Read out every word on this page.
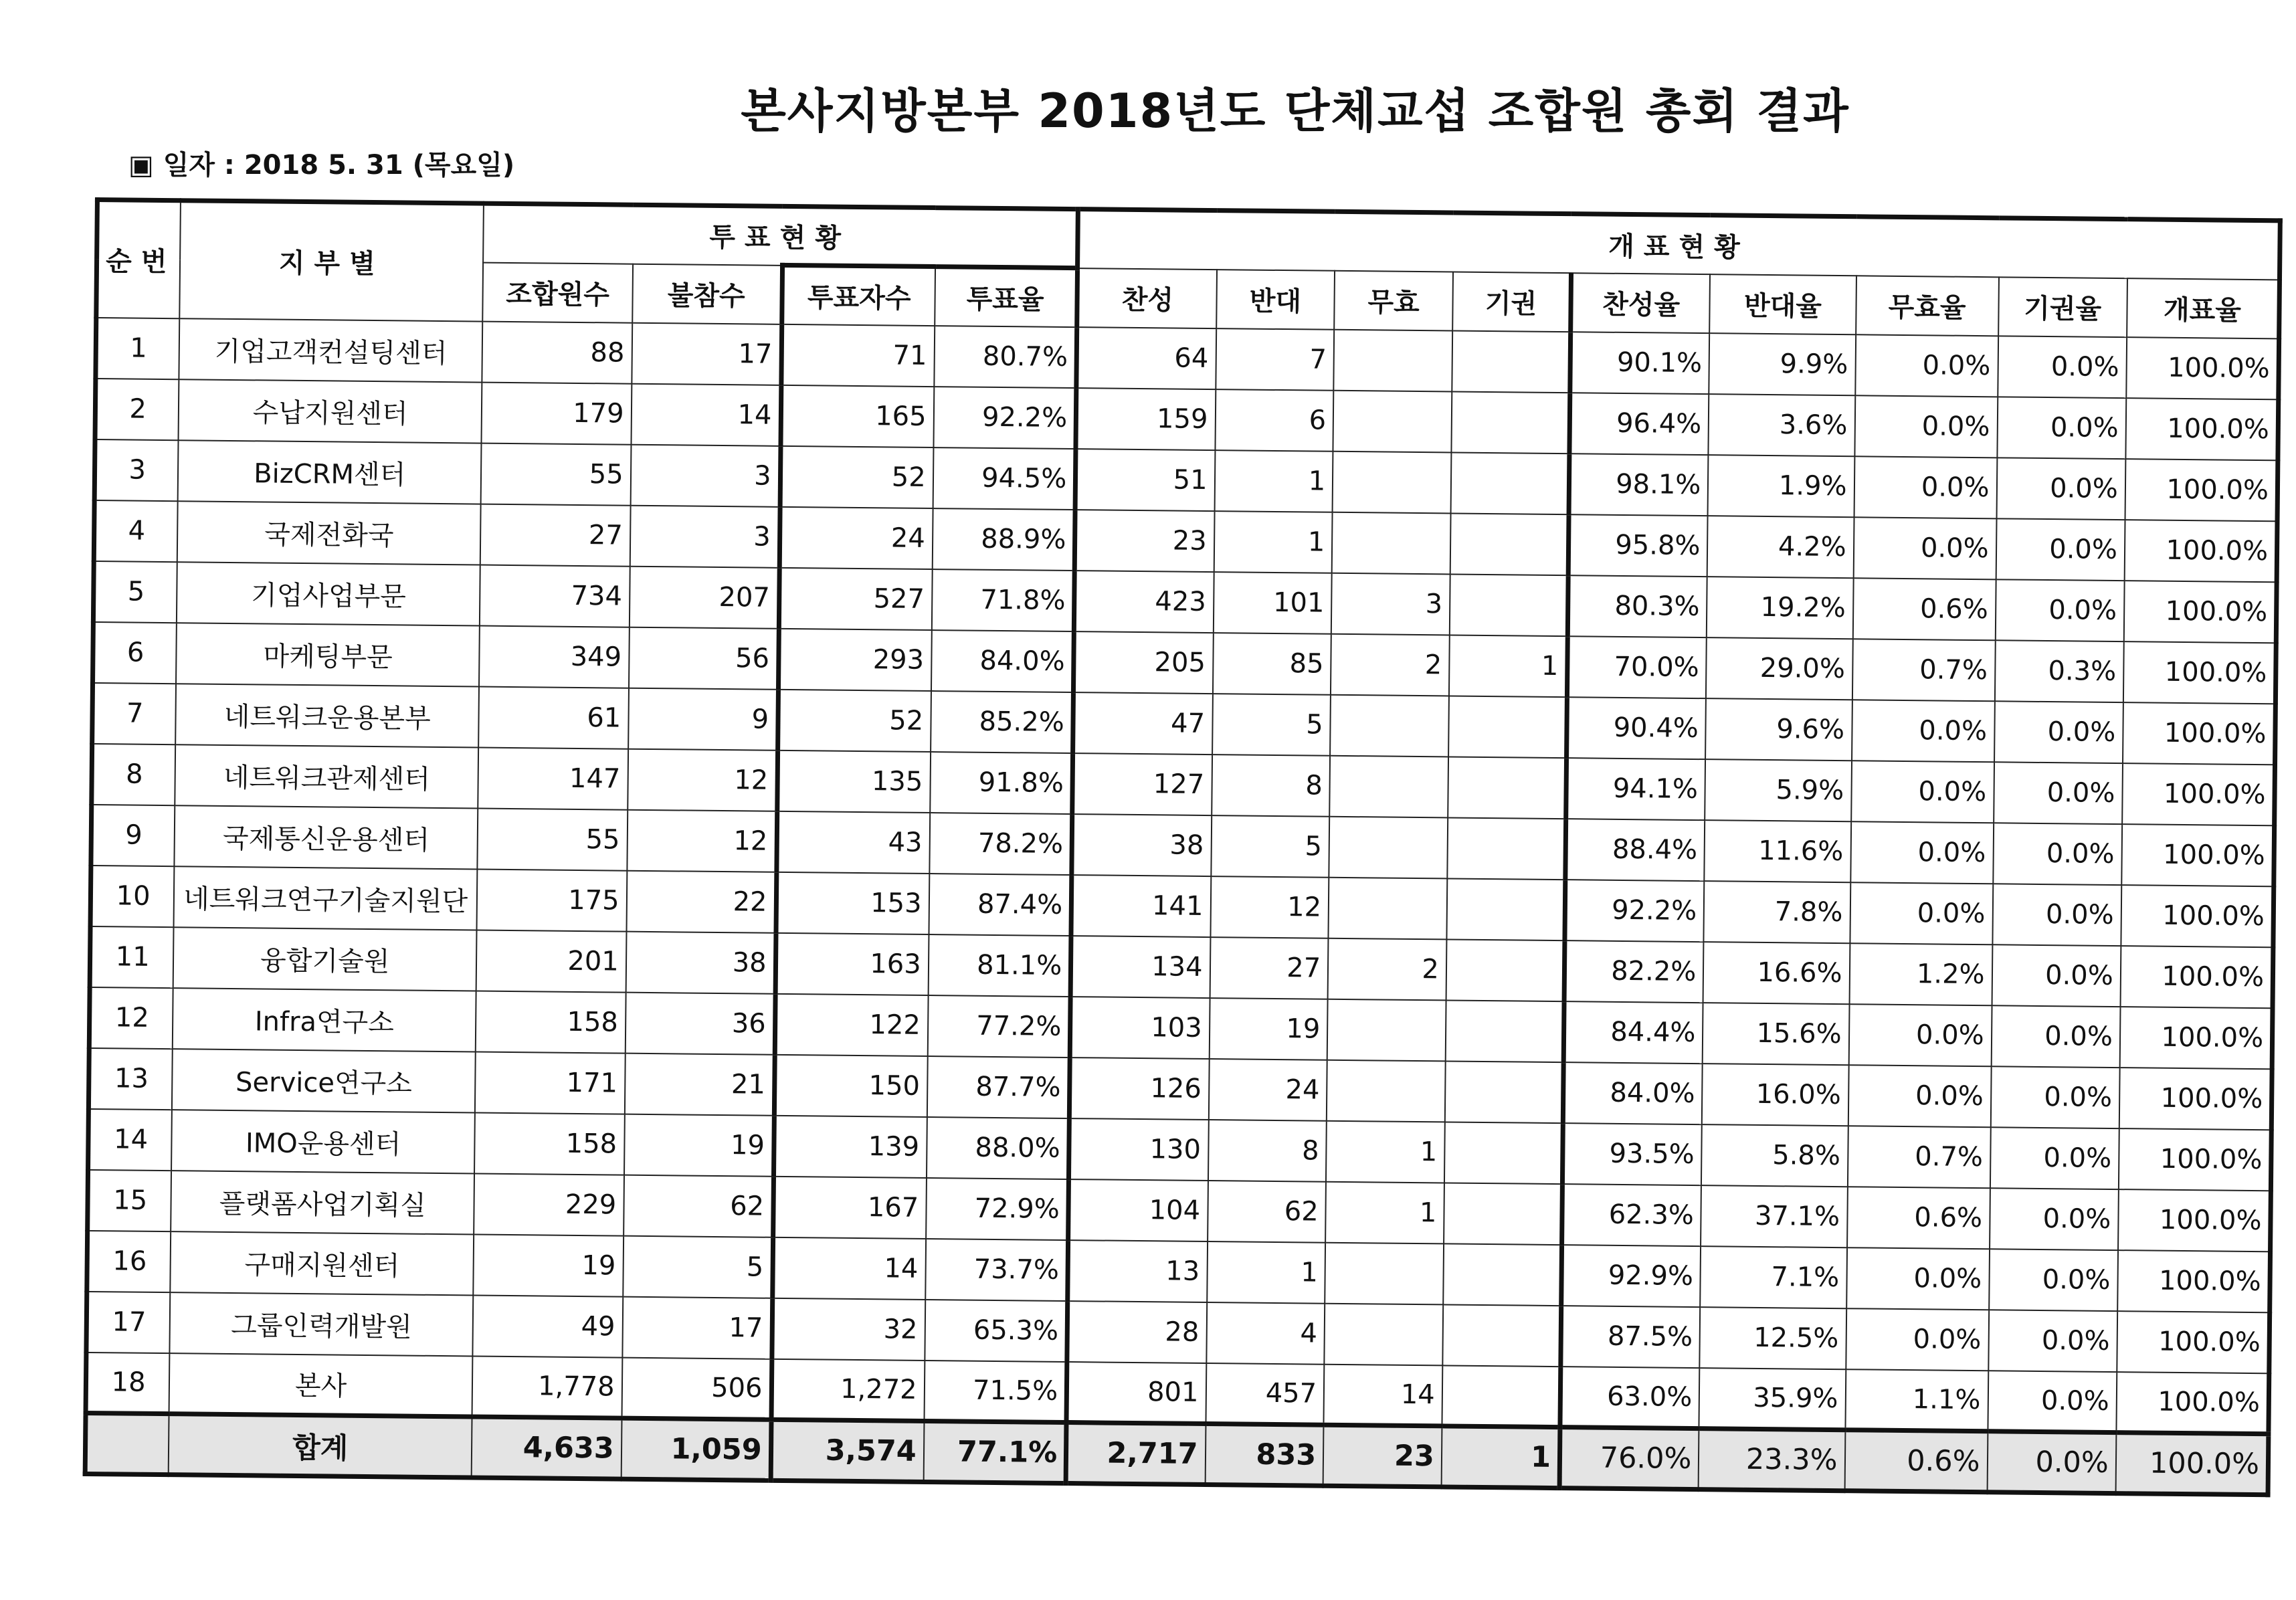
본사지방본부 2018년도 단체교섭 조합원 총회 결과
▣ 일자 : 2018 5. 31 (목요일)
순번	지부별	투표현황				개표현황								
		조합원수	불참수	투표자수	투표율	찬성	반대	무효	기권	찬성율	반대율	무효율	기권율	개표율
1	기업고객컨설팅센터	88	17	71	80.7%	64	7			90.1%	9.9%	0.0%	0.0%	100.0%
2	수납지원센터	179	14	165	92.2%	159	6			96.4%	3.6%	0.0%	0.0%	100.0%
3	BizCRM센터	55	3	52	94.5%	51	1			98.1%	1.9%	0.0%	0.0%	100.0%
4	국제전화국	27	3	24	88.9%	23	1			95.8%	4.2%	0.0%	0.0%	100.0%
5	기업사업부문	734	207	527	71.8%	423	101	3		80.3%	19.2%	0.6%	0.0%	100.0%
6	마케팅부문	349	56	293	84.0%	205	85	2	1	70.0%	29.0%	0.7%	0.3%	100.0%
7	네트워크운용본부	61	9	52	85.2%	47	5			90.4%	9.6%	0.0%	0.0%	100.0%
8	네트워크관제센터	147	12	135	91.8%	127	8			94.1%	5.9%	0.0%	0.0%	100.0%
9	국제통신운용센터	55	12	43	78.2%	38	5			88.4%	11.6%	0.0%	0.0%	100.0%
10	네트워크연구기술지원단	175	22	153	87.4%	141	12			92.2%	7.8%	0.0%	0.0%	100.0%
11	융합기술원	201	38	163	81.1%	134	27	2		82.2%	16.6%	1.2%	0.0%	100.0%
12	Infra연구소	158	36	122	77.2%	103	19			84.4%	15.6%	0.0%	0.0%	100.0%
13	Service연구소	171	21	150	87.7%	126	24			84.0%	16.0%	0.0%	0.0%	100.0%
14	IMO운용센터	158	19	139	88.0%	130	8	1		93.5%	5.8%	0.7%	0.0%	100.0%
15	플랫폼사업기획실	229	62	167	72.9%	104	62	1		62.3%	37.1%	0.6%	0.0%	100.0%
16	구매지원센터	19	5	14	73.7%	13	1			92.9%	7.1%	0.0%	0.0%	100.0%
17	그룹인력개발원	49	17	32	65.3%	28	4			87.5%	12.5%	0.0%	0.0%	100.0%
18	본사	1,778	506	1,272	71.5%	801	457	14		63.0%	35.9%	1.1%	0.0%	100.0%
	합계	4,633	1,059	3,574	77.1%	2,717	833	23	1	76.0%	23.3%	0.6%	0.0%	100.0%
